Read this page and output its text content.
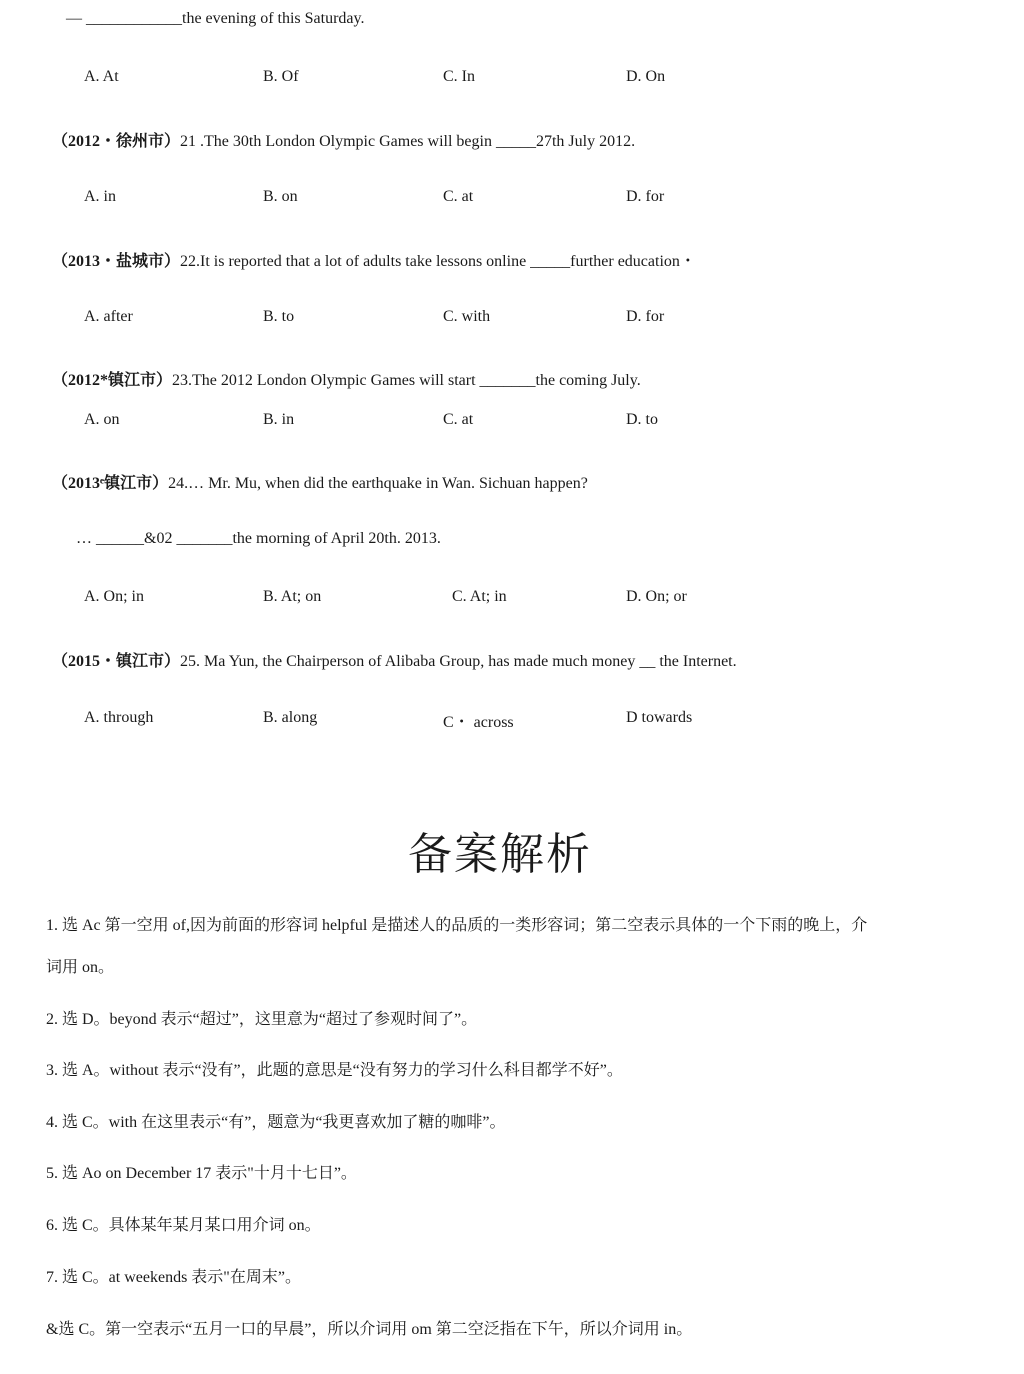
— ____________the evening of this Saturday.
A. At	B. Of	C. In	D. On
（2012・徐州市）21 .The 30th London Olympic Games will begin _____27th July 2012.
A. in	B. on	C. at	D. for
（2013・盐城市）22.It is reported that a lot of adults take lessons online _____further education・
A. after	B. to	C. with	D. for
（2012*镇江市）23.The 2012 London Olympic Games will start _______the coming July.
A. on	B. in	C. at	D. to
（2013ᵉ镇江市）24.… Mr. Mu, when did the earthquake in Wan. Sichuan happen?
… ______&02 _______the morning of April 20th. 2013.
A. On; in	B. At; on	C. At; in	D. On; or
（2015・镇江市）25. Ma Yun, the Chairperson of Alibaba Group, has made much money __ the Internet.
A. through	B. along	C・ across	D towards
备案解析
1. 选 Ac 第一空用 of,因为前面的形容词 helpful 是描述人的品质的一类形容词；第二空表示具体的一个下雨的晚上，介
词用 on。
2. 选 D。beyond 表示“超过”，这里意为“超过了参观时间了”。
3. 选 A。without 表示“没有”，此题的意思是“没有努力的学习什么科目都学不好”。
4. 选 C。with 在这里表示“有”，题意为“我更喜欢加了糖的咖啡”。
5. 选 Ao on December 17 表示"十月十七日”。
6. 选 C。具体某年某月某口用介词 on。
7. 选 C。at weekends 表示"在周末”。
&选 C。第一空表示“五月一口的早晨”，所以介词用 om 第二空泛指在下午，所以介词用 in。
